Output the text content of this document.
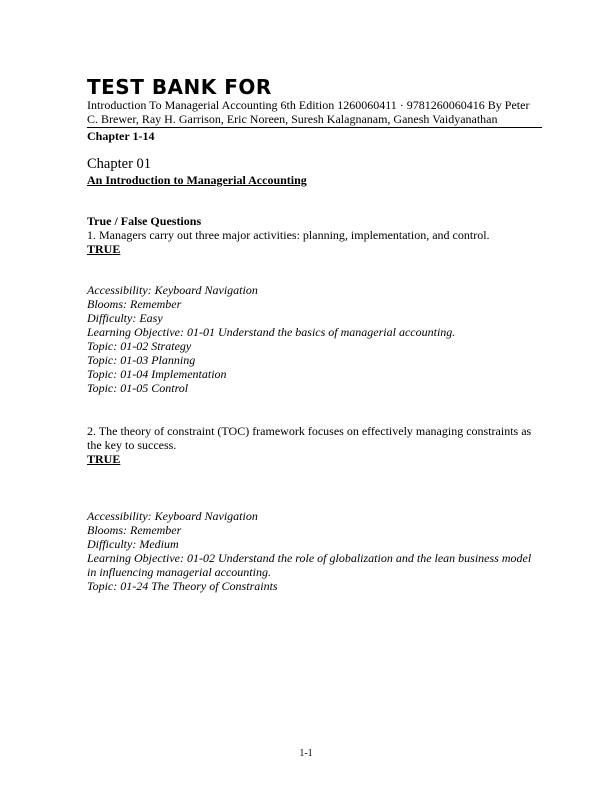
TEST BANK FOR
Introduction To Managerial Accounting 6th Edition 1260060411 · 9781260060416 By Peter C. Brewer, Ray H. Garrison, Eric Noreen, Suresh Kalagnanam, Ganesh Vaidyanathan
Chapter 1-14
Chapter 01
An Introduction to Managerial Accounting
True / False Questions
1. Managers carry out three major activities: planning, implementation, and control.
TRUE
Accessibility: Keyboard Navigation
Blooms: Remember
Difficulty: Easy
Learning Objective: 01-01 Understand the basics of managerial accounting.
Topic: 01-02 Strategy
Topic: 01-03 Planning
Topic: 01-04 Implementation
Topic: 01-05 Control
2. The theory of constraint (TOC) framework focuses on effectively managing constraints as the key to success.
TRUE
Accessibility: Keyboard Navigation
Blooms: Remember
Difficulty: Medium
Learning Objective: 01-02 Understand the role of globalization and the lean business model in influencing managerial accounting.
Topic: 01-24 The Theory of Constraints
1-1
